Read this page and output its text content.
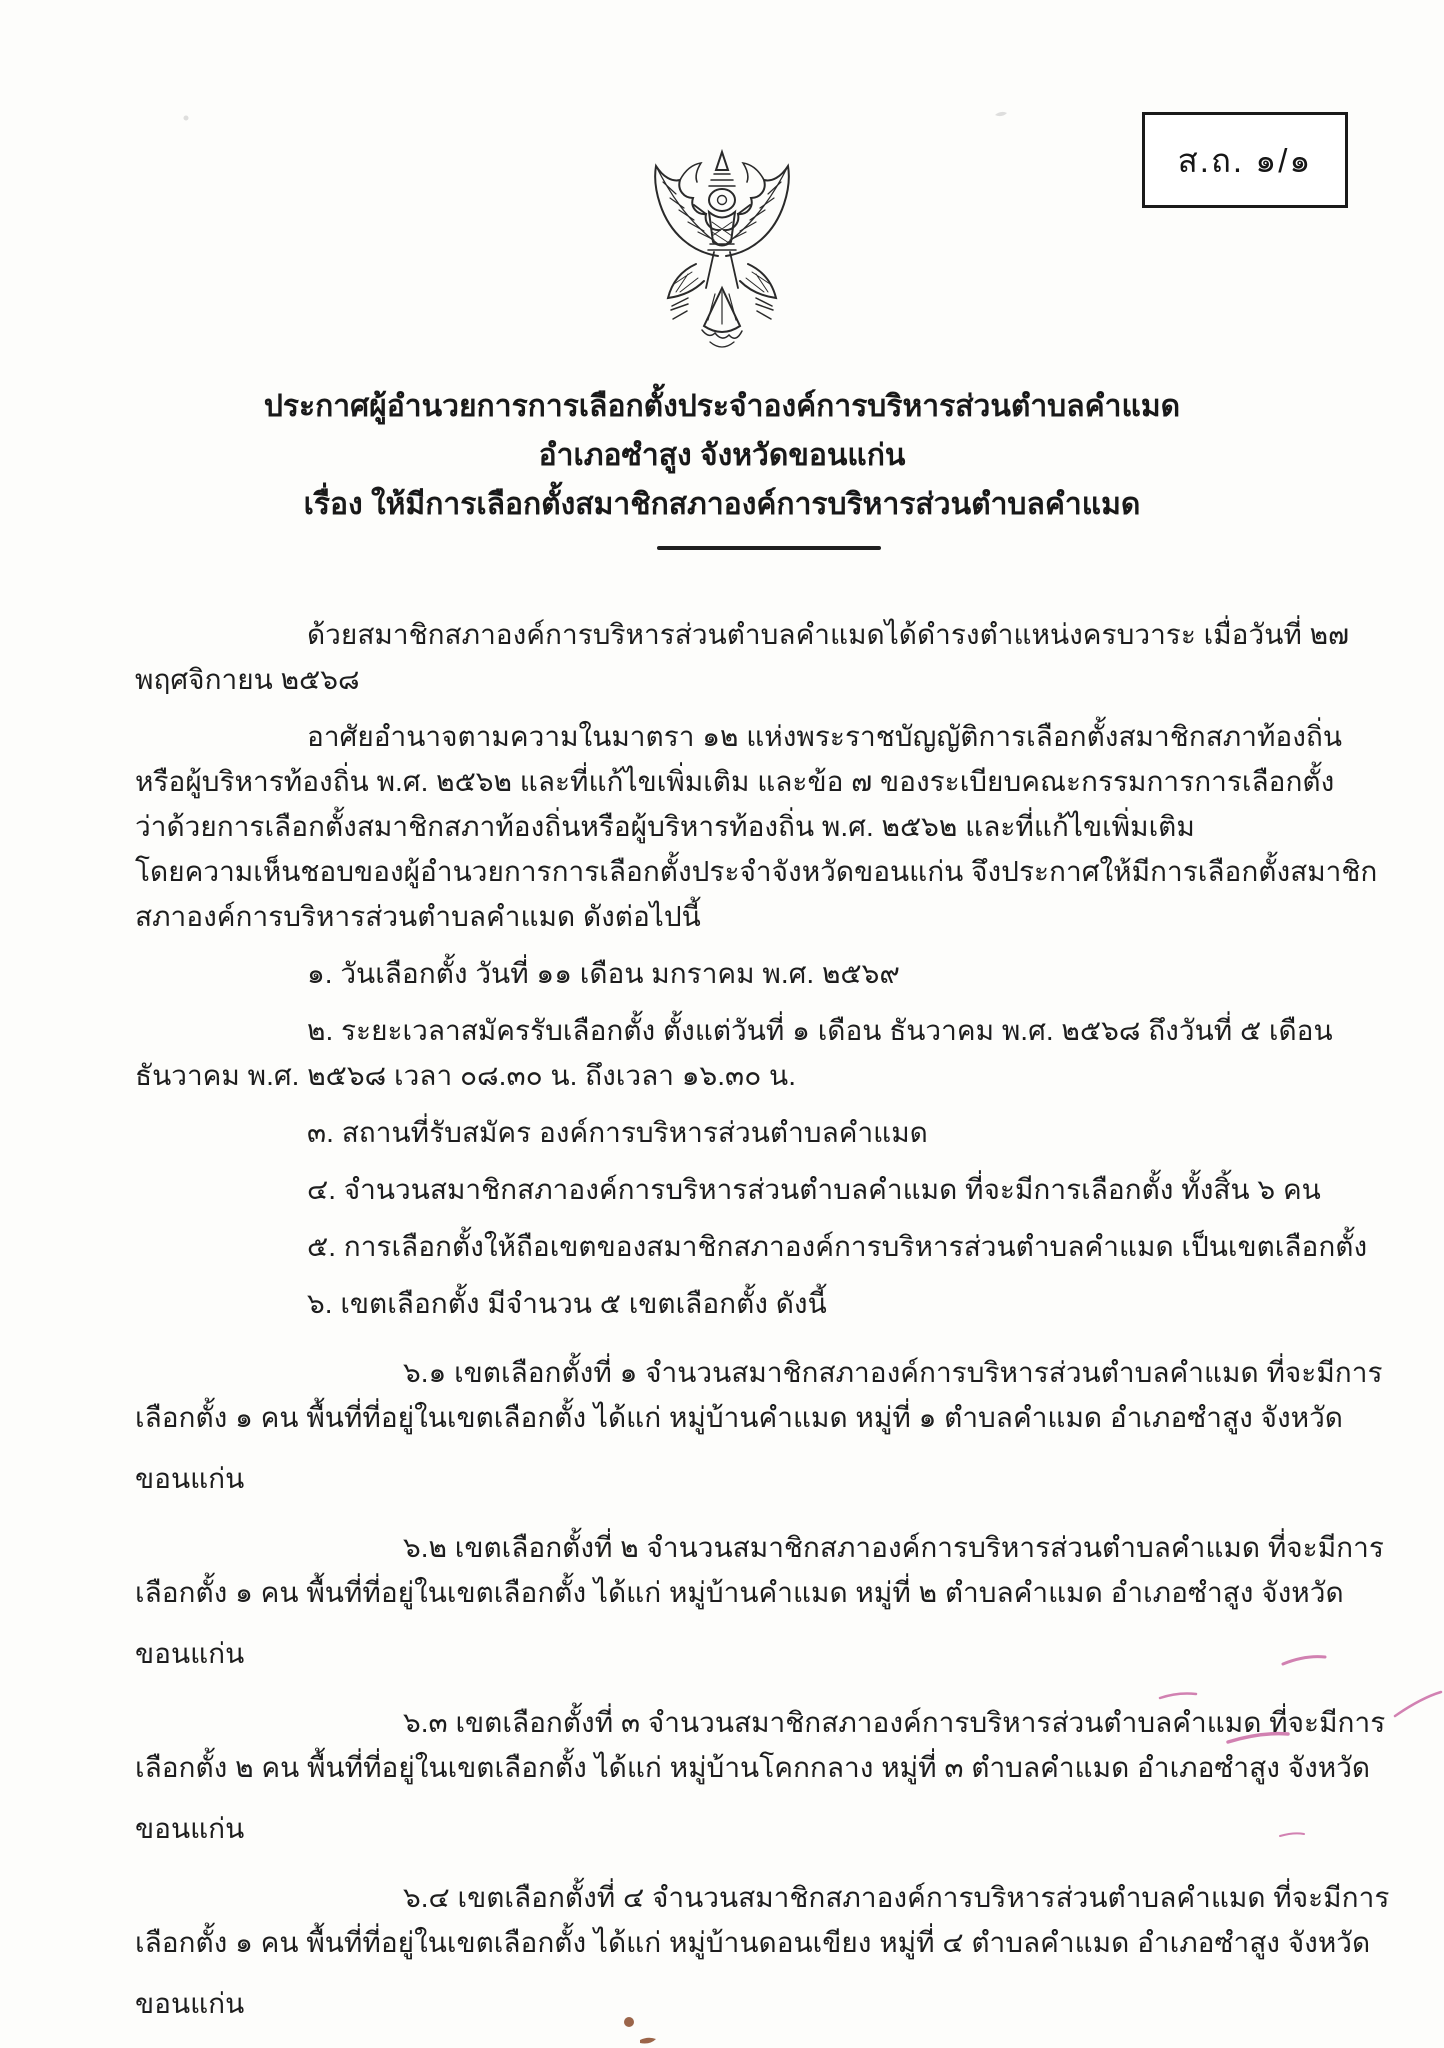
ส.ถ. ๑/๑
ประกาศผู้อำนวยการการเลือกตั้งประจำองค์การบริหารส่วนตำบลคำแมด
อำเภอซำสูง จังหวัดขอนแก่น
เรื่อง ให้มีการเลือกตั้งสมาชิกสภาองค์การบริหารส่วนตำบลคำแมด
ด้วยสมาชิกสภาองค์การบริหารส่วนตำบลคำแมดได้ดำรงตำแหน่งครบวาระ เมื่อวันที่ ๒๗
พฤศจิกายน ๒๕๖๘
อาศัยอำนาจตามความในมาตรา ๑๒ แห่งพระราชบัญญัติการเลือกตั้งสมาชิกสภาท้องถิ่น
หรือผู้บริหารท้องถิ่น พ.ศ. ๒๕๖๒ และที่แก้ไขเพิ่มเติม และข้อ ๗ ของระเบียบคณะกรรมการการเลือกตั้ง
ว่าด้วยการเลือกตั้งสมาชิกสภาท้องถิ่นหรือผู้บริหารท้องถิ่น พ.ศ. ๒๕๖๒ และที่แก้ไขเพิ่มเติม
โดยความเห็นชอบของผู้อำนวยการการเลือกตั้งประจำจังหวัดขอนแก่น จึงประกาศให้มีการเลือกตั้งสมาชิก
สภาองค์การบริหารส่วนตำบลคำแมด ดังต่อไปนี้
๑. วันเลือกตั้ง วันที่ ๑๑ เดือน มกราคม พ.ศ. ๒๕๖๙
๒. ระยะเวลาสมัครรับเลือกตั้ง ตั้งแต่วันที่ ๑ เดือน ธันวาคม พ.ศ. ๒๕๖๘ ถึงวันที่ ๕ เดือน
ธันวาคม พ.ศ. ๒๕๖๘ เวลา ๐๘.๓๐ น. ถึงเวลา ๑๖.๓๐ น.
๓. สถานที่รับสมัคร องค์การบริหารส่วนตำบลคำแมด
๔. จำนวนสมาชิกสภาองค์การบริหารส่วนตำบลคำแมด ที่จะมีการเลือกตั้ง ทั้งสิ้น ๖ คน
๕. การเลือกตั้งให้ถือเขตของสมาชิกสภาองค์การบริหารส่วนตำบลคำแมด เป็นเขตเลือกตั้ง
๖. เขตเลือกตั้ง มีจำนวน ๕ เขตเลือกตั้ง ดังนี้
๖.๑ เขตเลือกตั้งที่ ๑ จำนวนสมาชิกสภาองค์การบริหารส่วนตำบลคำแมด ที่จะมีการ
เลือกตั้ง ๑ คน พื้นที่ที่อยู่ในเขตเลือกตั้ง ได้แก่ หมู่บ้านคำแมด หมู่ที่ ๑ ตำบลคำแมด อำเภอซำสูง จังหวัด
ขอนแก่น
๖.๒ เขตเลือกตั้งที่ ๒ จำนวนสมาชิกสภาองค์การบริหารส่วนตำบลคำแมด ที่จะมีการ
เลือกตั้ง ๑ คน พื้นที่ที่อยู่ในเขตเลือกตั้ง ได้แก่ หมู่บ้านคำแมด หมู่ที่ ๒ ตำบลคำแมด อำเภอซำสูง จังหวัด
ขอนแก่น
๖.๓ เขตเลือกตั้งที่ ๓ จำนวนสมาชิกสภาองค์การบริหารส่วนตำบลคำแมด ที่จะมีการ
เลือกตั้ง ๒ คน พื้นที่ที่อยู่ในเขตเลือกตั้ง ได้แก่ หมู่บ้านโคกกลาง หมู่ที่ ๓ ตำบลคำแมด อำเภอซำสูง จังหวัด
ขอนแก่น
๖.๔ เขตเลือกตั้งที่ ๔ จำนวนสมาชิกสภาองค์การบริหารส่วนตำบลคำแมด ที่จะมีการ
เลือกตั้ง ๑ คน พื้นที่ที่อยู่ในเขตเลือกตั้ง ได้แก่ หมู่บ้านดอนเขียง หมู่ที่ ๔ ตำบลคำแมด อำเภอซำสูง จังหวัด
ขอนแก่น
